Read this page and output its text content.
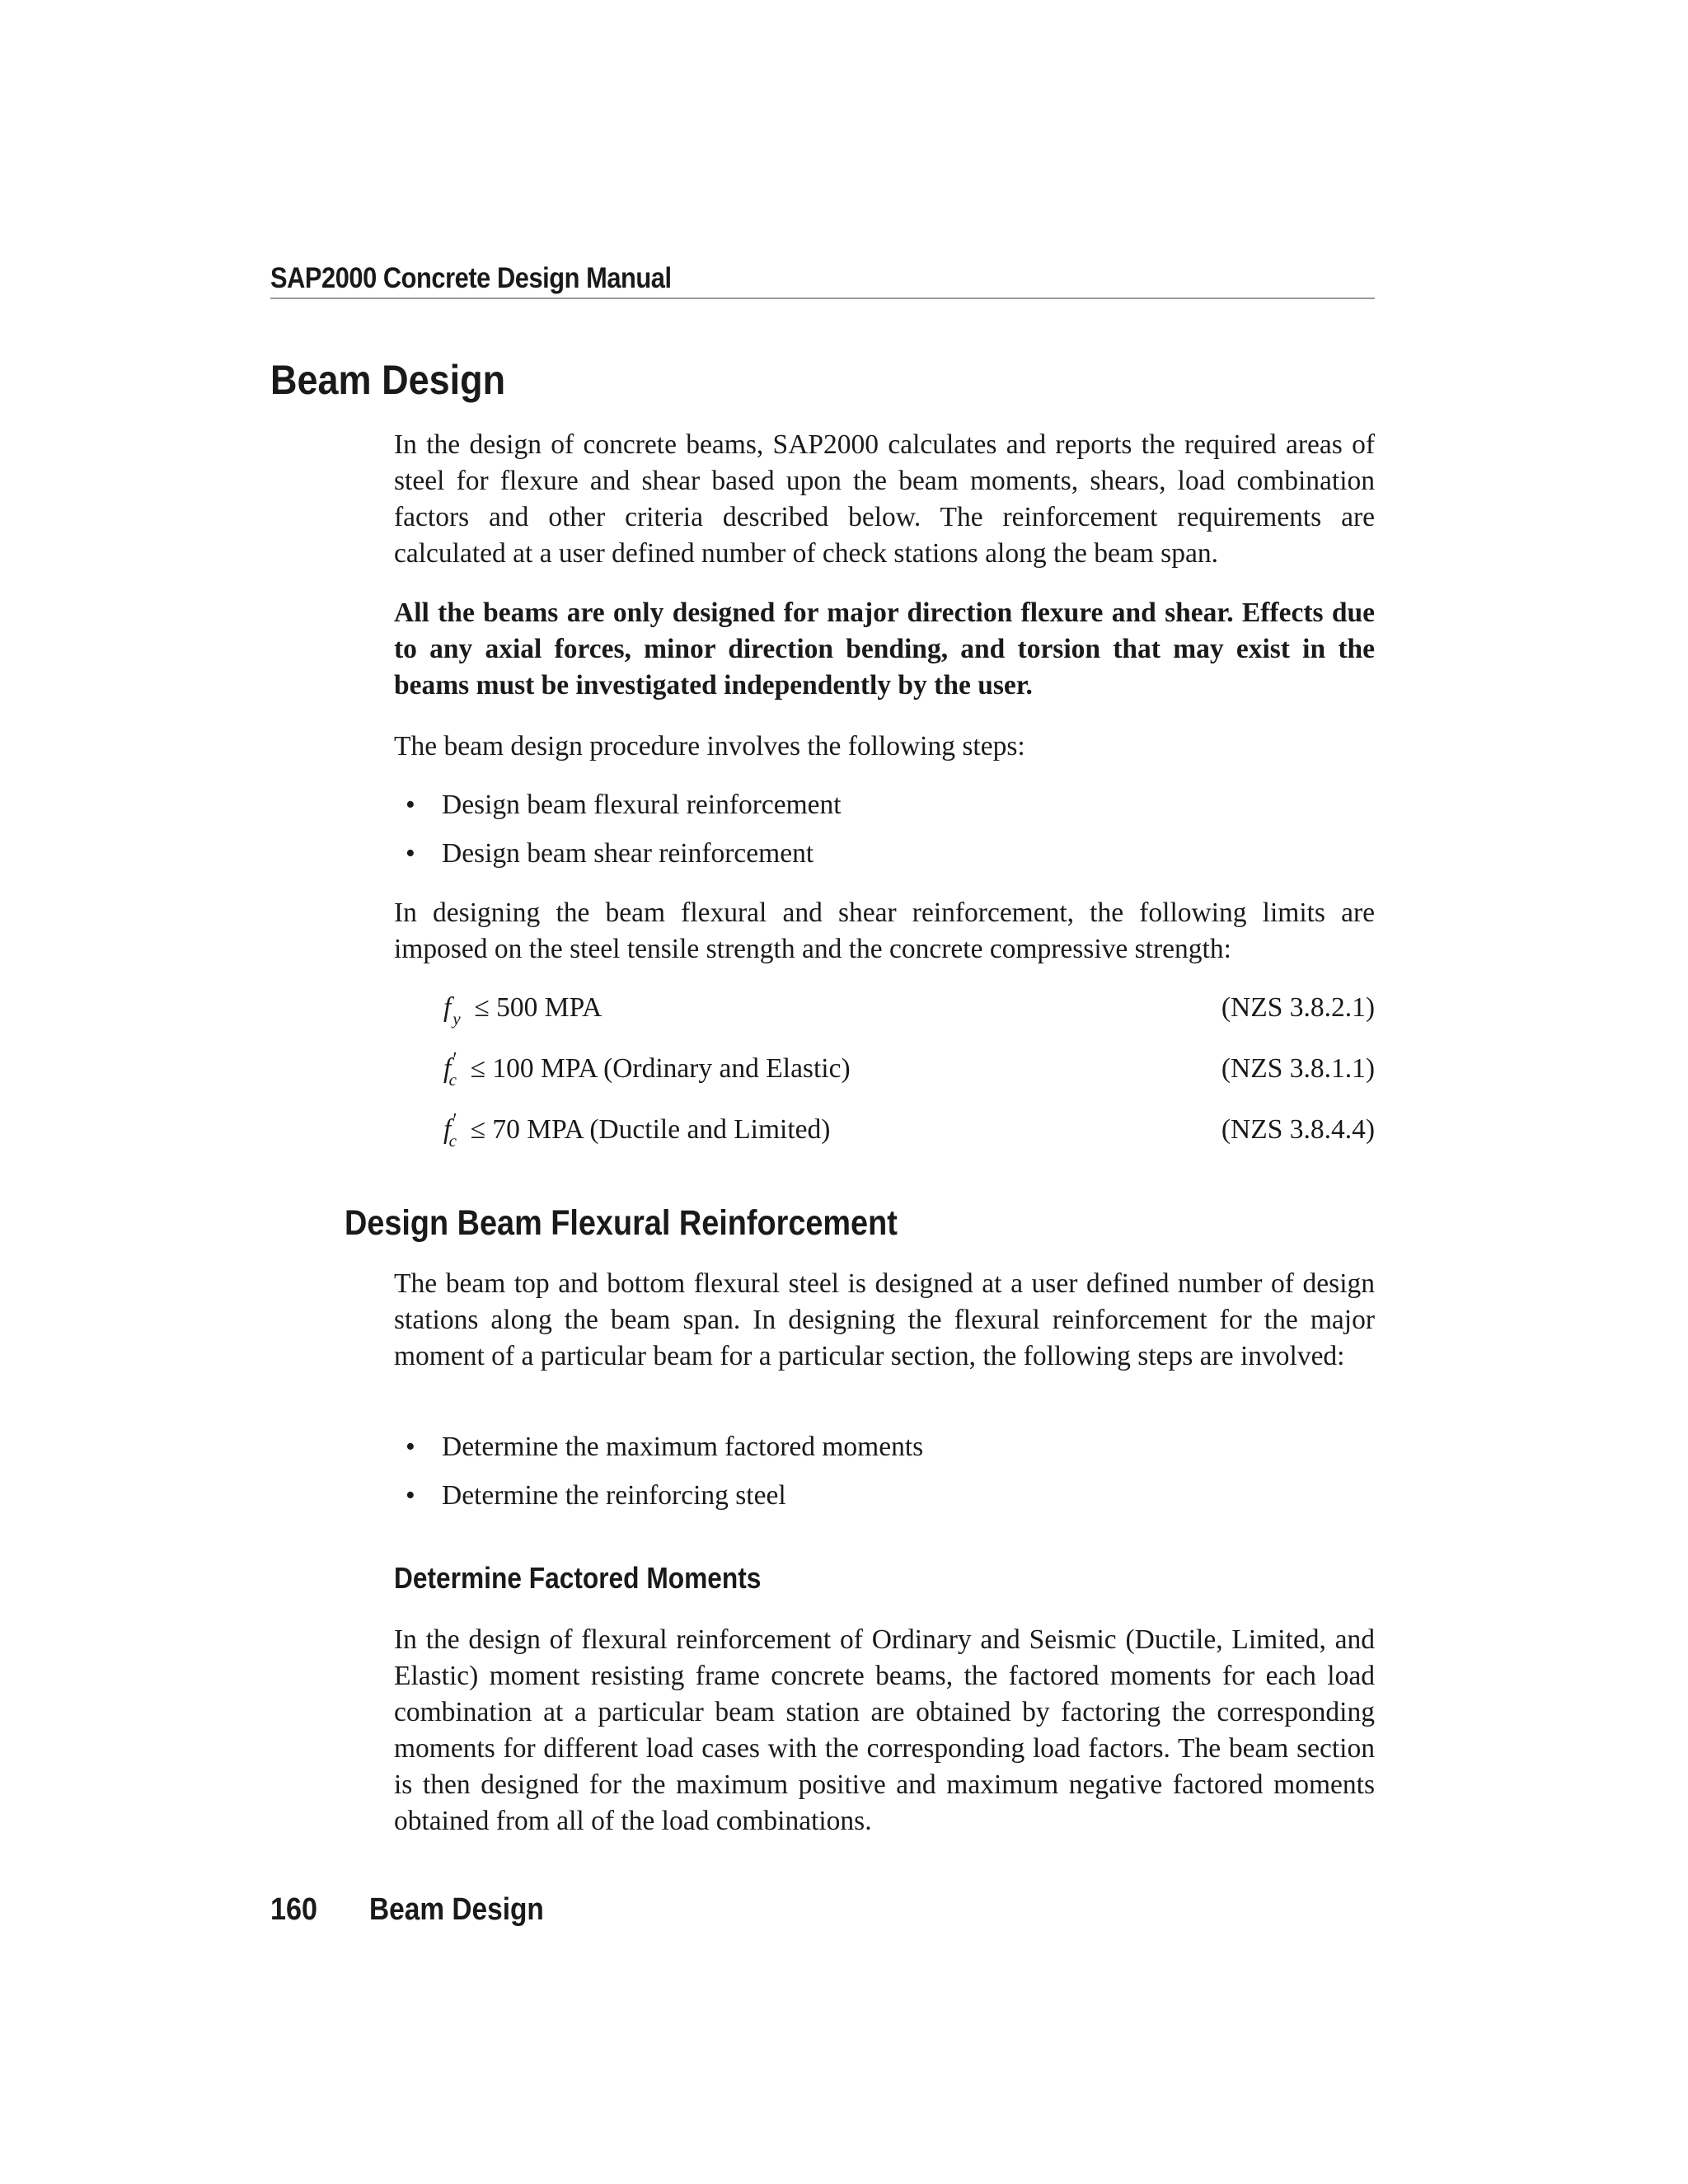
SAP2000 Concrete Design Manual
Beam Design

In the design of concrete beams, SAP2000 calculates and reports the required areas of steel for flexure and shear based upon the beam moments, shears, load combination factors and other criteria described below. The reinforcement requirements are calculated at a user defined number of check stations along the beam span.

All the beams are only designed for major direction flexure and shear. Effects due to any axial forces, minor direction bending, and torsion that may exist in the beams must be investigated independently by the user.

The beam design procedure involves the following steps:

• Design beam flexural reinforcement
• Design beam shear reinforcement

In designing the beam flexural and shear reinforcement, the following limits are imposed on the steel tensile strength and the concrete compressive strength:

$f_y \le 500$ MPA	(NZS 3.8.2.1)
$f'_c \le 100$ MPA (Ordinary and Elastic)	(NZS 3.8.1.1)
$f'_c \le 70$ MPA (Ductile and Limited)	(NZS 3.8.4.4)
Design Beam Flexural Reinforcement

The beam top and bottom flexural steel is designed at a user defined number of design stations along the beam span. In designing the flexural reinforcement for the major moment of a particular beam for a particular section, the following steps are involved:

• Determine the maximum factored moments
• Determine the reinforcing steel
Determine Factored Moments

In the design of flexural reinforcement of Ordinary and Seismic (Ductile, Limited, and Elastic) moment resisting frame concrete beams, the factored moments for each load combination at a particular beam station are obtained by factoring the corresponding moments for different load cases with the corresponding load factors. The beam section is then designed for the maximum positive and maximum negative factored moments obtained from all of the load combinations.

160 Beam Design
